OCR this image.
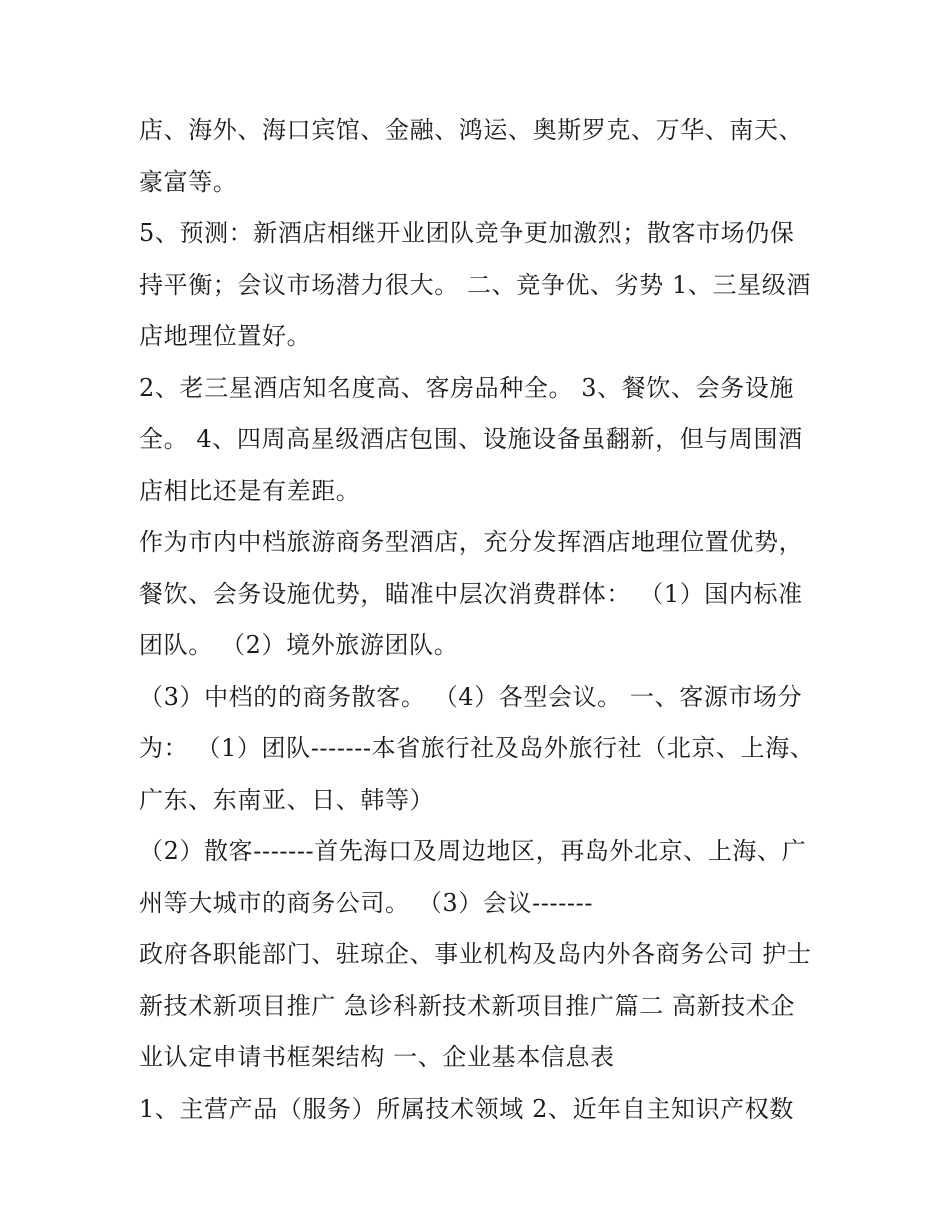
店、海外、海口宾馆、金融、鸿运、奥斯罗克、万华、南天、豪富等。

5、预测：新酒店相继开业团队竞争更加激烈；散客市场仍保持平衡；会议市场潜力很大。 二、竞争优、劣势 1、三星级酒店地理位置好。

2、老三星酒店知名度高、客房品种全。 3、餐饮、会务设施全。 4、四周高星级酒店包围、设施设备虽翻新，但与周围酒店相比还是有差距。

作为市内中档旅游商务型酒店，充分发挥酒店地理位置优势，餐饮、会务设施优势，瞄准中层次消费群体： （1）国内标准团队。 （2）境外旅游团队。

（3）中档的的商务散客。 （4）各型会议。 一、客源市场分为： （1）团队-------本省旅行社及岛外旅行社（北京、上海、广东、东南亚、日、韩等）

（2）散客-------首先海口及周边地区，再岛外北京、上海、广州等大城市的商务公司。 （3）会议-------

政府各职能部门、驻琼企、事业机构及岛内外各商务公司 护士新技术新项目推广 急诊科新技术新项目推广篇二 高新技术企业认定申请书框架结构 一、企业基本信息表

1、主营产品（服务）所属技术领域 2、近年自主知识产权数
